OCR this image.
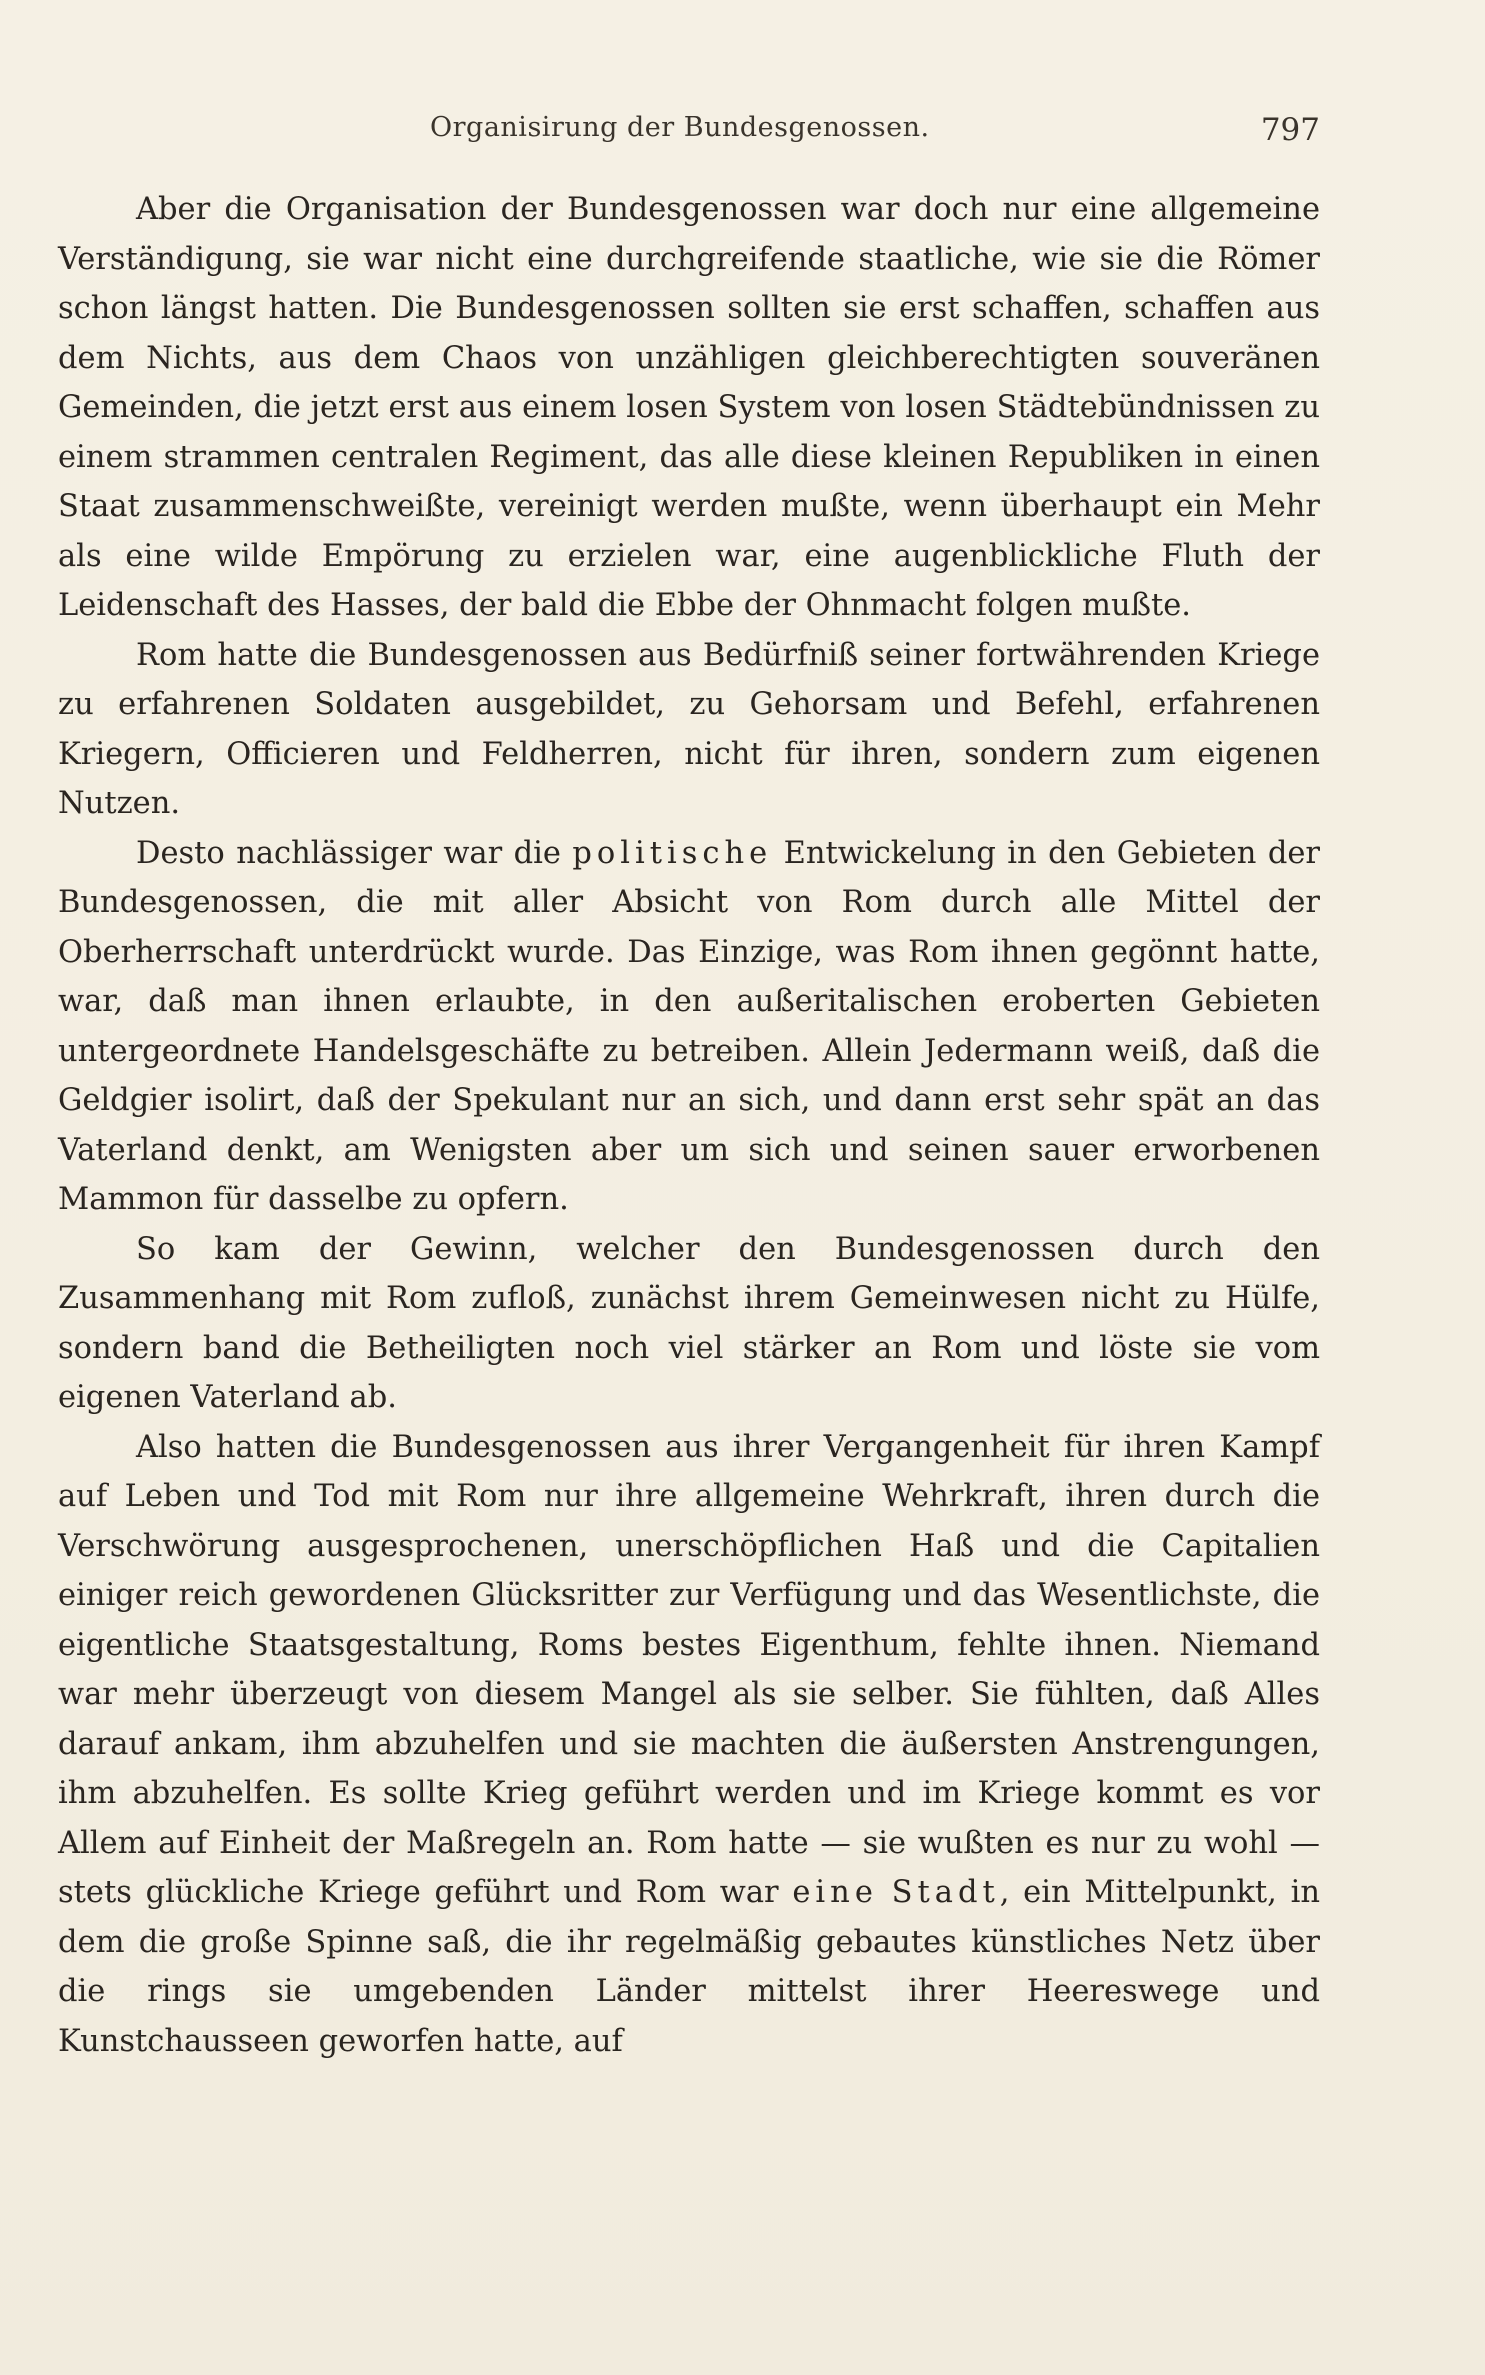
Organisirung der Bundesgenossen.	797

Aber die Organisation der Bundesgenossen war doch nur eine allgemeine Verständigung, sie war nicht eine durchgreifende staatliche, wie sie die Römer schon längst hatten. Die Bundesgenossen sollten sie erst schaffen, schaffen aus dem Nichts, aus dem Chaos von unzähligen gleichberechtigten souveränen Gemeinden, die jetzt erst aus einem losen System von losen Städtebündnissen zu einem strammen centralen Regiment, das alle diese kleinen Republiken in einen Staat zusammenschweißte, vereinigt werden mußte, wenn überhaupt ein Mehr als eine wilde Empörung zu erzielen war, eine augenblickliche Fluth der Leidenschaft des Hasses, der bald die Ebbe der Ohnmacht folgen mußte.

Rom hatte die Bundesgenossen aus Bedürfniß seiner fortwährenden Kriege zu erfahrenen Soldaten ausgebildet, zu Gehorsam und Befehl, erfahrenen Kriegern, Officieren und Feldherren, nicht für ihren, sondern zum eigenen Nutzen.

Desto nachlässiger war die politische Entwickelung in den Gebieten der Bundesgenossen, die mit aller Absicht von Rom durch alle Mittel der Oberherrschaft unterdrückt wurde. Das Einzige, was Rom ihnen gegönnt hatte, war, daß man ihnen erlaubte, in den außeritalischen eroberten Gebieten untergeordnete Handelsgeschäfte zu betreiben. Allein Jedermann weiß, daß die Geldgier isolirt, daß der Spekulant nur an sich, und dann erst sehr spät an das Vaterland denkt, am Wenigsten aber um sich und seinen sauer erworbenen Mammon für dasselbe zu opfern.

So kam der Gewinn, welcher den Bundesgenossen durch den Zusammenhang mit Rom zufloß, zunächst ihrem Gemeinwesen nicht zu Hülfe, sondern band die Betheiligten noch viel stärker an Rom und löste sie vom eigenen Vaterland ab.

Also hatten die Bundesgenossen aus ihrer Vergangenheit für ihren Kampf auf Leben und Tod mit Rom nur ihre allgemeine Wehrkraft, ihren durch die Verschwörung ausgesprochenen, unerschöpflichen Haß und die Capitalien einiger reich gewordenen Glücksritter zur Verfügung und das Wesentlichste, die eigentliche Staatsgestaltung, Roms bestes Eigenthum, fehlte ihnen. Niemand war mehr überzeugt von diesem Mangel als sie selber. Sie fühlten, daß Alles darauf ankam, ihm abzuhelfen und sie machten die äußersten Anstrengungen, ihm abzuhelfen. Es sollte Krieg geführt werden und im Kriege kommt es vor Allem auf Einheit der Maßregeln an. Rom hatte — sie wußten es nur zu wohl — stets glückliche Kriege geführt und Rom war eine Stadt, ein Mittelpunkt, in dem die große Spinne saß, die ihr regelmäßig gebautes künstliches Netz über die rings sie umgebenden Länder mittelst ihrer Heereswege und Kunstchausseen geworfen hatte, auf
